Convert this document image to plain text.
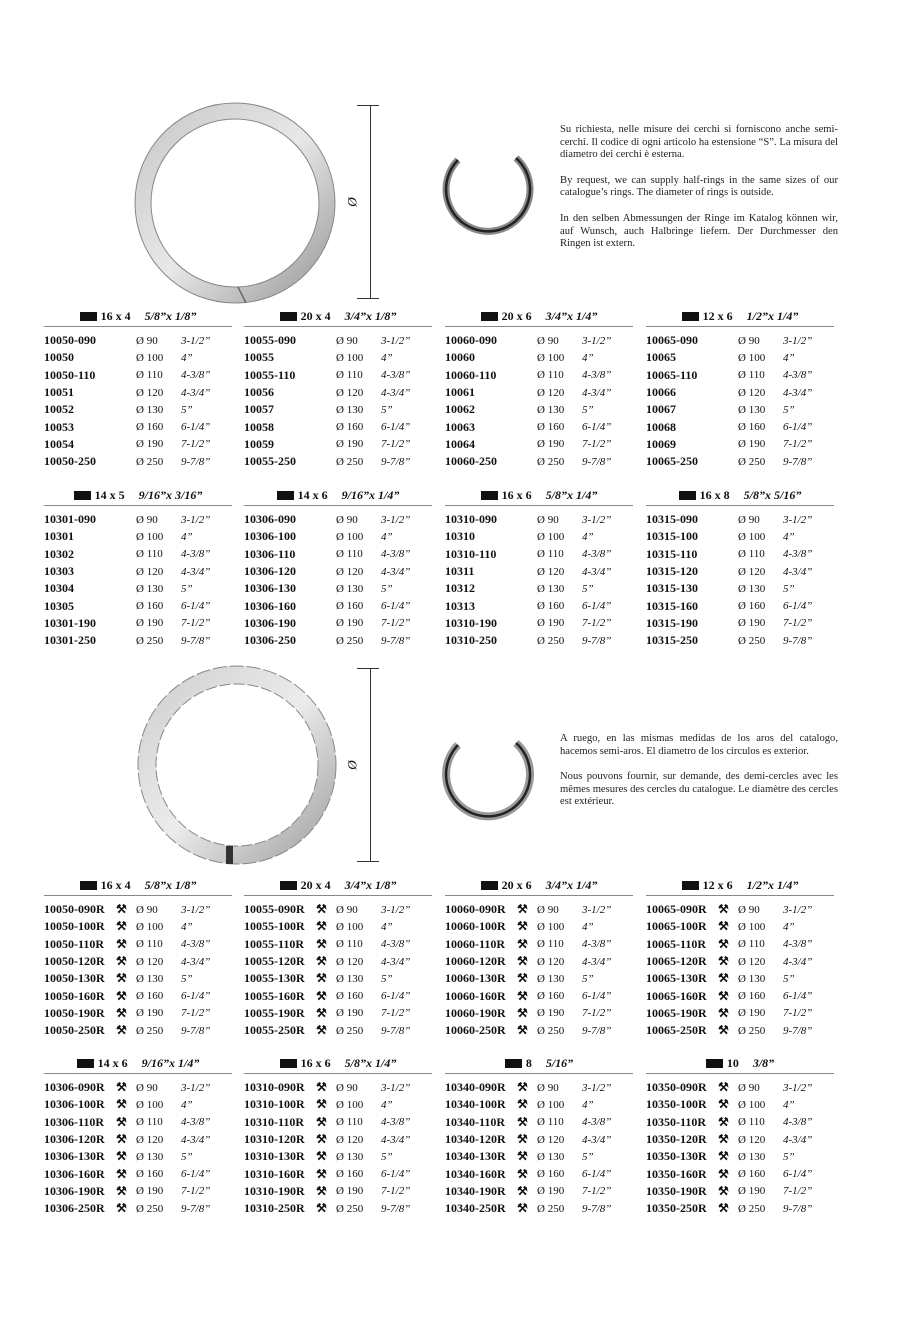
Ø

Su richiesta, nelle misure dei cerchi si forniscono anche semi-cerchi. Il codice di ogni articolo ha estensione “S”. La misura del diametro dei cerchi è esterna.

By request, we can supply half-rings in the same sizes of our catalogue’s rings. The diameter of rings is outside.

In den selben Abmessungen der Ringe im Katalog können wir, auf Wunsch, auch Halbringe liefern. Der Durchmesser den Ringen ist extern.

Ø

A ruego, en las mismas medidas de los aros del catalogo, hacemos semi-aros. El diametro de los circulos es exterior.

Nous pouvons fournir, sur demande, des demi-cercles avec les mêmes mesures des cercles du catalogue. Le diamètre des cercles est extérieur.

16 x 4 5/8”x 1/8”
10050-090	Ø 90	3-1/2”
10050	Ø 100	4”
10050-110	Ø 110	4-3/8”
10051	Ø 120	4-3/4”
10052	Ø 130	5”
10053	Ø 160	6-1/4”
10054	Ø 190	7-1/2”
10050-250	Ø 250	9-7/8”
20 x 4 3/4”x 1/8”
10055-090	Ø 90	3-1/2”
10055	Ø 100	4”
10055-110	Ø 110	4-3/8”
10056	Ø 120	4-3/4”
10057	Ø 130	5”
10058	Ø 160	6-1/4”
10059	Ø 190	7-1/2”
10055-250	Ø 250	9-7/8”
20 x 6 3/4”x 1/4”
10060-090	Ø 90	3-1/2”
10060	Ø 100	4”
10060-110	Ø 110	4-3/8”
10061	Ø 120	4-3/4”
10062	Ø 130	5”
10063	Ø 160	6-1/4”
10064	Ø 190	7-1/2”
10060-250	Ø 250	9-7/8”
12 x 6 1/2”x 1/4”
10065-090	Ø 90	3-1/2”
10065	Ø 100	4”
10065-110	Ø 110	4-3/8”
10066	Ø 120	4-3/4”
10067	Ø 130	5”
10068	Ø 160	6-1/4”
10069	Ø 190	7-1/2”
10065-250	Ø 250	9-7/8”
14 x 5 9/16”x 3/16”
10301-090	Ø 90	3-1/2”
10301	Ø 100	4”
10302	Ø 110	4-3/8”
10303	Ø 120	4-3/4”
10304	Ø 130	5”
10305	Ø 160	6-1/4”
10301-190	Ø 190	7-1/2”
10301-250	Ø 250	9-7/8”
14 x 6 9/16”x 1/4”
10306-090	Ø 90	3-1/2”
10306-100	Ø 100	4”
10306-110	Ø 110	4-3/8”
10306-120	Ø 120	4-3/4”
10306-130	Ø 130	5”
10306-160	Ø 160	6-1/4”
10306-190	Ø 190	7-1/2”
10306-250	Ø 250	9-7/8”
16 x 6 5/8”x 1/4”
10310-090	Ø 90	3-1/2”
10310	Ø 100	4”
10310-110	Ø 110	4-3/8”
10311	Ø 120	4-3/4”
10312	Ø 130	5”
10313	Ø 160	6-1/4”
10310-190	Ø 190	7-1/2”
10310-250	Ø 250	9-7/8”
16 x 8 5/8”x 5/16”
10315-090	Ø 90	3-1/2”
10315-100	Ø 100	4”
10315-110	Ø 110	4-3/8”
10315-120	Ø 120	4-3/4”
10315-130	Ø 130	5”
10315-160	Ø 160	6-1/4”
10315-190	Ø 190	7-1/2”
10315-250	Ø 250	9-7/8”
16 x 4 5/8”x 1/8”
10050-090R ⚒ Ø 90	3-1/2”
10050-100R ⚒ Ø 100	4”
10050-110R	⚒ Ø 110	4-3/8”
10050-120R ⚒ Ø 120	4-3/4”
10050-130R ⚒ Ø 130	5”
10050-160R ⚒ Ø 160	6-1/4”
10050-190R ⚒ Ø 190	7-1/2”
10050-250R ⚒ Ø 250	9-7/8”
20 x 4 3/4”x 1/8”
10055-090R ⚒ Ø 90	3-1/2”
10055-100R ⚒ Ø 100	4”
10055-110R	⚒ Ø 110	4-3/8”
10055-120R ⚒ Ø 120	4-3/4”
10055-130R ⚒ Ø 130	5”
10055-160R ⚒ Ø 160	6-1/4”
10055-190R ⚒ Ø 190	7-1/2”
10055-250R ⚒ Ø 250	9-7/8”
20 x 6 3/4”x 1/4”
10060-090R ⚒ Ø 90	3-1/2”
10060-100R ⚒ Ø 100	4”
10060-110R	⚒ Ø 110	4-3/8”
10060-120R ⚒ Ø 120	4-3/4”
10060-130R ⚒ Ø 130	5”
10060-160R ⚒ Ø 160	6-1/4”
10060-190R ⚒ Ø 190	7-1/2”
10060-250R ⚒ Ø 250	9-7/8”
12 x 6 1/2”x 1/4”
10065-090R ⚒ Ø 90	3-1/2”
10065-100R ⚒ Ø 100	4”
10065-110R	⚒ Ø 110	4-3/8”
10065-120R ⚒ Ø 120	4-3/4”
10065-130R ⚒ Ø 130	5”
10065-160R ⚒ Ø 160	6-1/4”
10065-190R ⚒ Ø 190	7-1/2”
10065-250R ⚒ Ø 250	9-7/8”
14 x 6 9/16”x 1/4”
10306-090R ⚒ Ø 90	3-1/2”
10306-100R ⚒ Ø 100	4”
10306-110R	⚒ Ø 110	4-3/8”
10306-120R ⚒ Ø 120	4-3/4”
10306-130R ⚒ Ø 130	5”
10306-160R ⚒ Ø 160	6-1/4”
10306-190R ⚒ Ø 190	7-1/2”
10306-250R ⚒ Ø 250	9-7/8”
16 x 6 5/8”x 1/4”
10310-090R ⚒ Ø 90	3-1/2”
10310-100R ⚒ Ø 100	4”
10310-110R	⚒ Ø 110	4-3/8”
10310-120R ⚒ Ø 120	4-3/4”
10310-130R ⚒ Ø 130	5”
10310-160R ⚒ Ø 160	6-1/4”
10310-190R ⚒ Ø 190	7-1/2”
10310-250R ⚒ Ø 250	9-7/8”
8 5/16”
10340-090R ⚒ Ø 90	3-1/2”
10340-100R ⚒ Ø 100	4”
10340-110R	⚒ Ø 110	4-3/8”
10340-120R ⚒ Ø 120	4-3/4”
10340-130R ⚒ Ø 130	5”
10340-160R ⚒ Ø 160	6-1/4”
10340-190R ⚒ Ø 190	7-1/2”
10340-250R ⚒ Ø 250	9-7/8”
10 3/8”
10350-090R ⚒ Ø 90	3-1/2”
10350-100R ⚒ Ø 100	4”
10350-110R	⚒ Ø 110	4-3/8”
10350-120R ⚒ Ø 120	4-3/4”
10350-130R ⚒ Ø 130	5”
10350-160R ⚒ Ø 160	6-1/4”
10350-190R ⚒ Ø 190	7-1/2”
10350-250R ⚒ Ø 250	9-7/8”
